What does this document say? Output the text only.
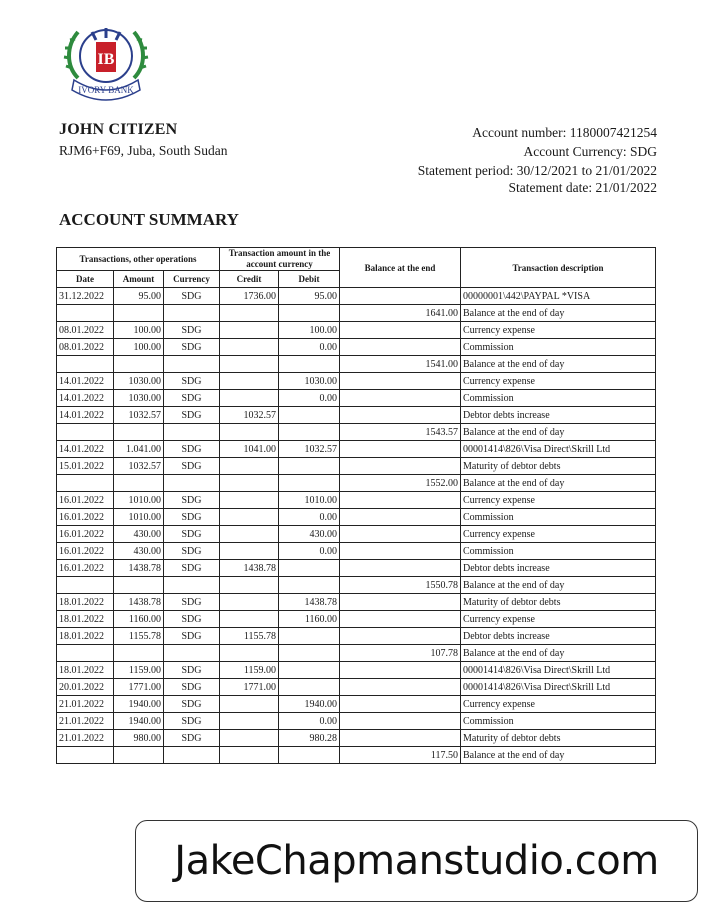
IB
IVORY BANK
JOHN CITIZEN
RJM6+F69, Juba, South Sudan
Account number: 1180007421254
Account Currency: SDG
Statement period: 30/12/2021 to 21/01/2022
Statement date: 21/01/2022
ACCOUNT SUMMARY
Transactions, other operations			Transaction amount in the account currency		Balance at the end	Transaction description
Date	Amount	Currency	Credit	Debit		
31.12.2022	95.00	SDG	1736.00	95.00		00000001\442\PAYPAL *VISA
					1641.00	Balance at the end of day
08.01.2022	100.00	SDG		100.00		Currency expense
08.01.2022	100.00	SDG		0.00		Commission
					1541.00	Balance at the end of day
14.01.2022	1030.00	SDG		1030.00		Currency expense
14.01.2022	1030.00	SDG		0.00		Commission
14.01.2022	1032.57	SDG	1032.57			Debtor debts increase
					1543.57	Balance at the end of day
14.01.2022	1.041.00	SDG	1041.00	1032.57		00001414\826\Visa Direct\Skrill Ltd
15.01.2022	1032.57	SDG				Maturity of debtor debts
					1552.00	Balance at the end of day
16.01.2022	1010.00	SDG		1010.00		Currency expense
16.01.2022	1010.00	SDG		0.00		Commission
16.01.2022	430.00	SDG		430.00		Currency expense
16.01.2022	430.00	SDG		0.00		Commission
16.01.2022	1438.78	SDG	1438.78			Debtor debts increase
					1550.78	Balance at the end of day
18.01.2022	1438.78	SDG		1438.78		Maturity of debtor debts
18.01.2022	1160.00	SDG		1160.00		Currency expense
18.01.2022	1155.78	SDG	1155.78			Debtor debts increase
					107.78	Balance at the end of day
18.01.2022	1159.00	SDG	1159.00			00001414\826\Visa Direct\Skrill Ltd
20.01.2022	1771.00	SDG	1771.00			00001414\826\Visa Direct\Skrill Ltd
21.01.2022	1940.00	SDG		1940.00		Currency expense
21.01.2022	1940.00	SDG		0.00		Commission
21.01.2022	980.00	SDG		980.28		Maturity of debtor debts
					117.50	Balance at the end of day
JakeChapmanstudio.com
